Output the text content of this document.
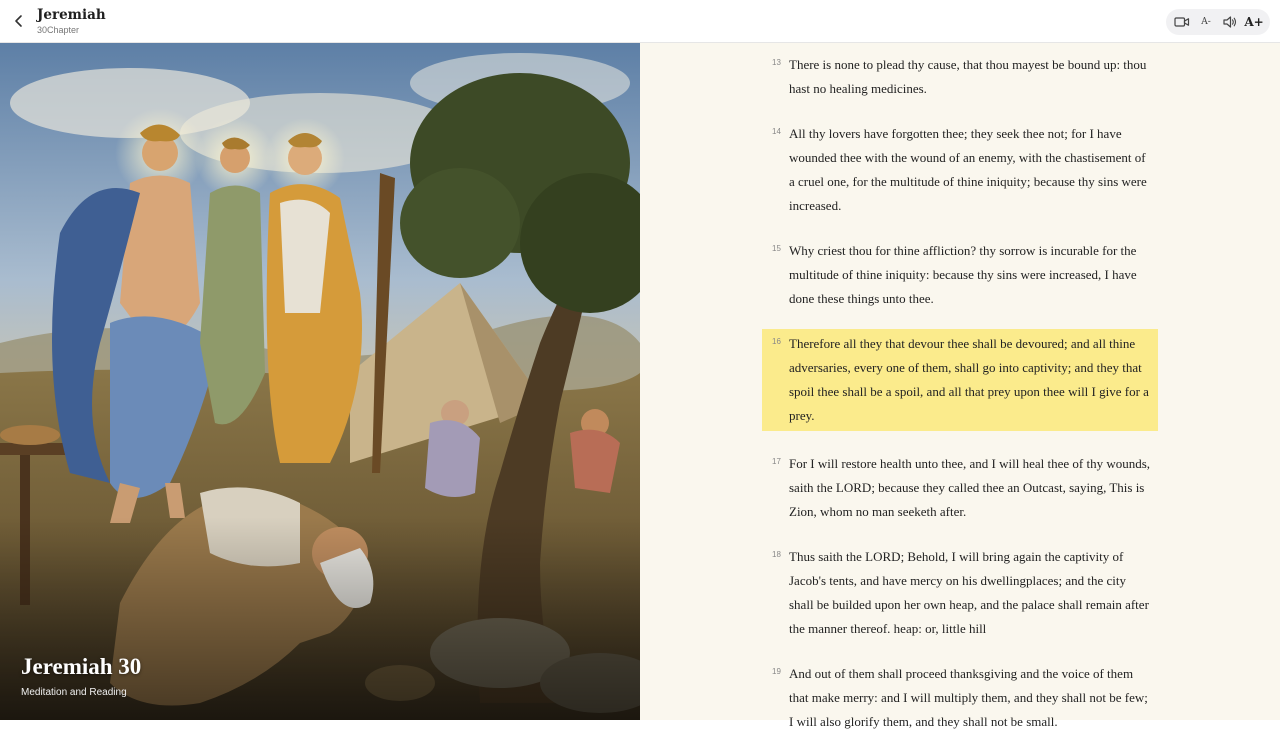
Jeremiah
30Chapter
A-	A+
Jeremiah 30
Meditation and Reading
13 There is none to plead thy cause, that thou mayest be bound up: thou hast no healing medicines.
14 All thy lovers have forgotten thee; they seek thee not; for I have wounded thee with the wound of an enemy, with the chastisement of a cruel one, for the multitude of thine iniquity; because thy sins were increased.
15 Why criest thou for thine affliction? thy sorrow is incurable for the multitude of thine iniquity: because thy sins were increased, I have done these things unto thee.
16 Therefore all they that devour thee shall be devoured; and all thine adversaries, every one of them, shall go into captivity; and they that spoil thee shall be a spoil, and all that prey upon thee will I give for a prey.
17 For I will restore health unto thee, and I will heal thee of thy wounds, saith the LORD; because they called thee an Outcast, saying, This is Zion, whom no man seeketh after.
18 Thus saith the LORD; Behold, I will bring again the captivity of Jacob's tents, and have mercy on his dwellingplaces; and the city shall be builded upon her own heap, and the palace shall remain after the manner thereof. heap: or, little hill
19 And out of them shall proceed thanksgiving and the voice of them that make merry: and I will multiply them, and they shall not be few; I will also glorify them, and they shall not be small.
